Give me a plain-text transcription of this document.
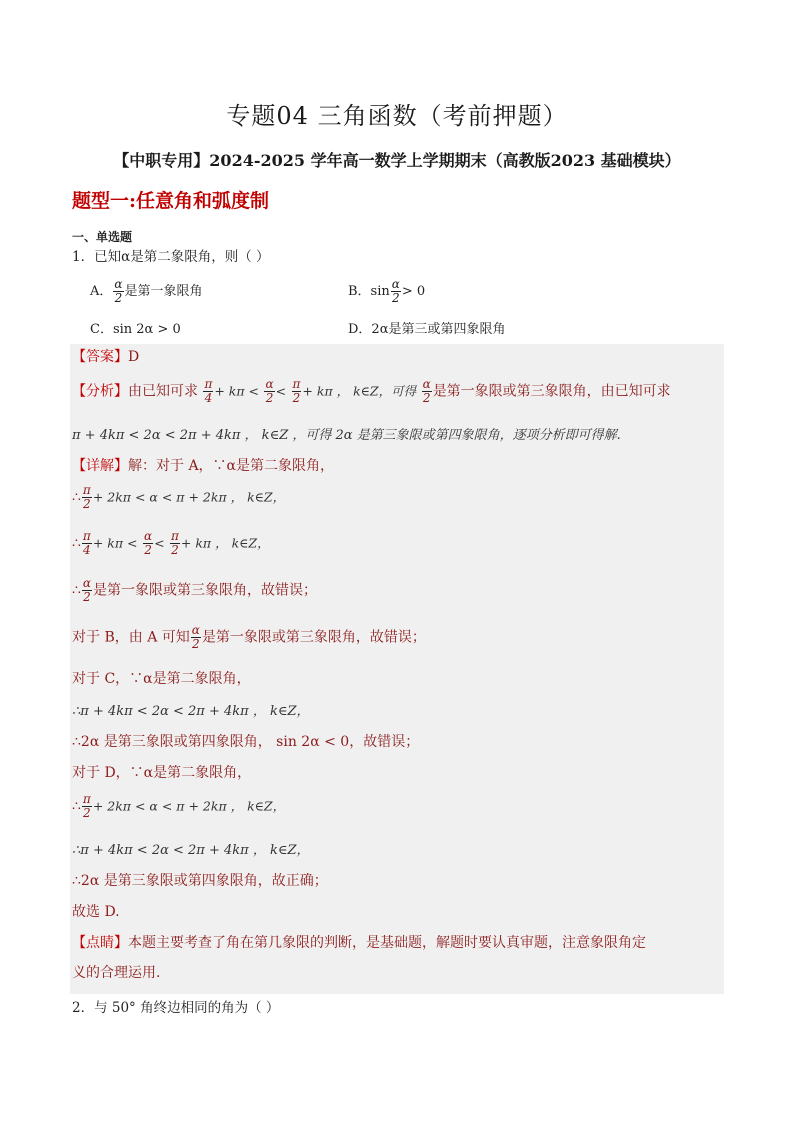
专题04 三角函数（考前押题）
【中职专用】2024-2025 学年高一数学上学期期末（高教版2023 基础模块）
题型一:任意角和弧度制
一、单选题
1．已知α是第二象限角，则（ ）
A． $\frac{\alpha}{2}$ 是第一象限角	B．$\sin \frac{\alpha}{2} > 0$
C．sin 2α > 0	D．2α是第三或第四象限角
【答案】D
【分析】由已知可求 $\frac{\pi}{4} + k\pi < \frac{\alpha}{2} < \frac{\pi}{2} + k\pi$ ， k∈Z，可得 $\frac{\alpha}{2}$ 是第一象限或第三象限角，由已知可求
π + 4kπ < 2α < 2π + 4kπ ， k∈Z ，可得 2α 是第三象限或第四象限角，逐项分析即可得解.
【详解】解：对于 A，∵α是第二象限角，
∴ $\frac{\pi}{2} + 2k\pi < \alpha < \pi + 2k\pi$ ， k∈Z，
∴ $\frac{\pi}{4} + k\pi < \frac{\alpha}{2} < \frac{\pi}{2} + k\pi$ ， k∈Z，
∴ $\frac{\alpha}{2}$ 是第一象限或第三象限角，故错误；
对于 B，由 A 可知 $\frac{\alpha}{2}$ 是第一象限或第三象限角，故错误；
对于 C，∵α是第二象限角，
∴π + 4kπ < 2α < 2π + 4kπ ， k∈Z，
∴2α 是第三象限或第四象限角， sin 2α < 0，故错误；
对于 D，∵α是第二象限角，
∴ $\frac{\pi}{2} + 2k\pi < \alpha < \pi + 2k\pi$ ， k∈Z，
∴π + 4kπ < 2α < 2π + 4kπ ， k∈Z，
∴2α 是第三象限或第四象限角，故正确；
故选 D.
【点睛】本题主要考查了角在第几象限的判断，是基础题，解题时要认真审题，注意象限角定
义的合理运用.
2．与 50° 角终边相同的角为（ ）
